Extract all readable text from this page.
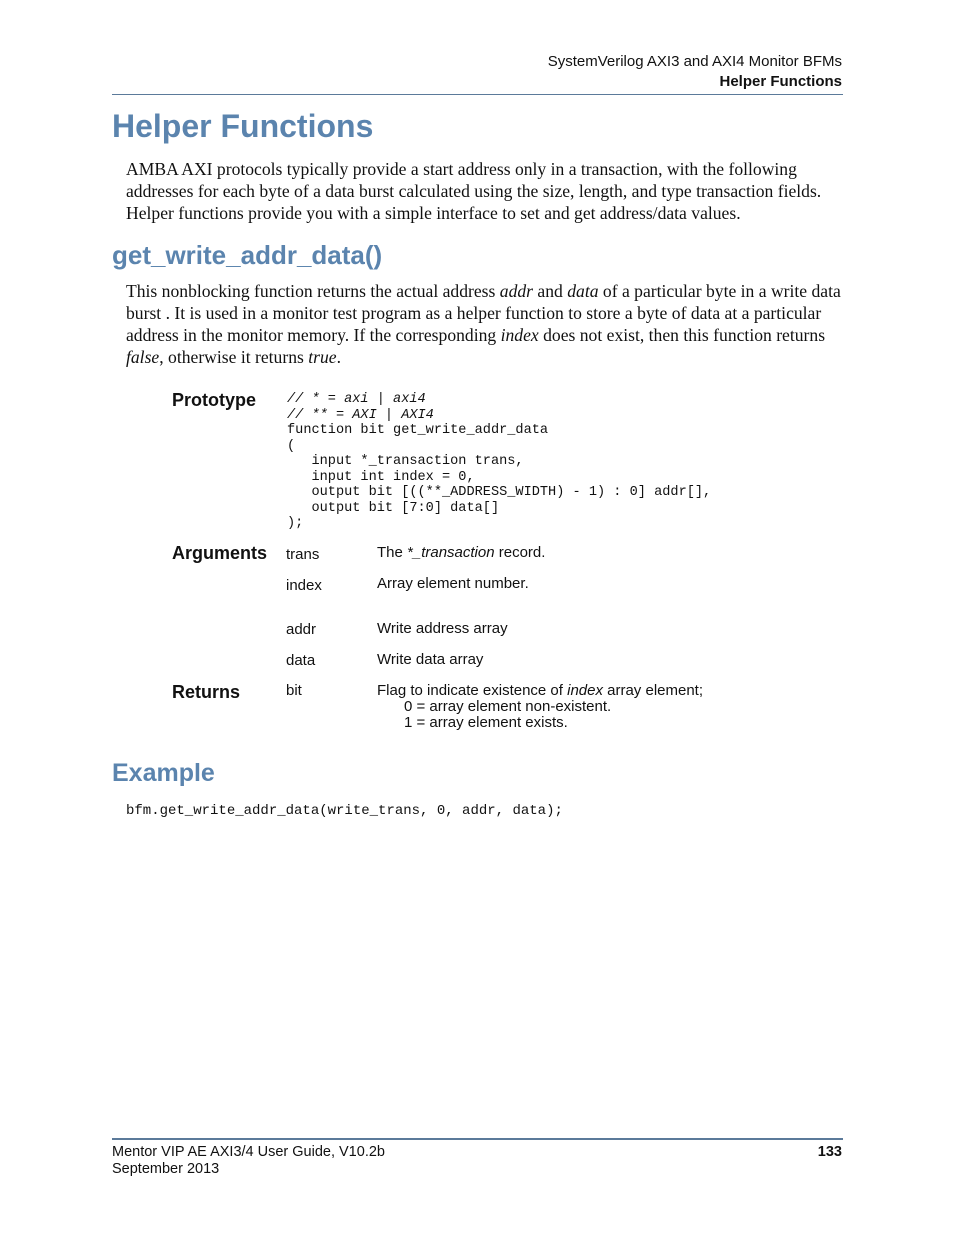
SystemVerilog AXI3 and AXI4 Monitor BFMs
Helper Functions
Helper Functions

AMBA AXI protocols typically provide a start address only in a transaction, with the following addresses for each byte of a data burst calculated using the size, length, and type transaction fields. Helper functions provide you with a simple interface to set and get address/data values.

get_write_addr_data()

This nonblocking function returns the actual address addr and data of a particular byte in a write data burst . It is used in a monitor test program as a helper function to store a byte of data at a particular address in the monitor memory. If the corresponding index does not exist, then this function returns false, otherwise it returns true.

Prototype // * = axi | axi4
// ** = AXI | AXI4
function bit get_write_addr_data
(
input *_transaction trans,
input int index = 0,
output bit [((**_ADDRESS_WIDTH) - 1) : 0] addr[],
output bit [7:0] data[]
);
Arguments trans	The *_transaction record.
index	Array element number.
addr	Write address array
data	Write data array
Returns	bit	Flag to indicate existence of index array element;
0 = array element non-existent.
1 = array element exists.
Example
bfm.get_write_addr_data(write_trans, 0, addr, data);
Mentor VIP AE AXI3/4 User Guide, V10.2b
September 2013
133
